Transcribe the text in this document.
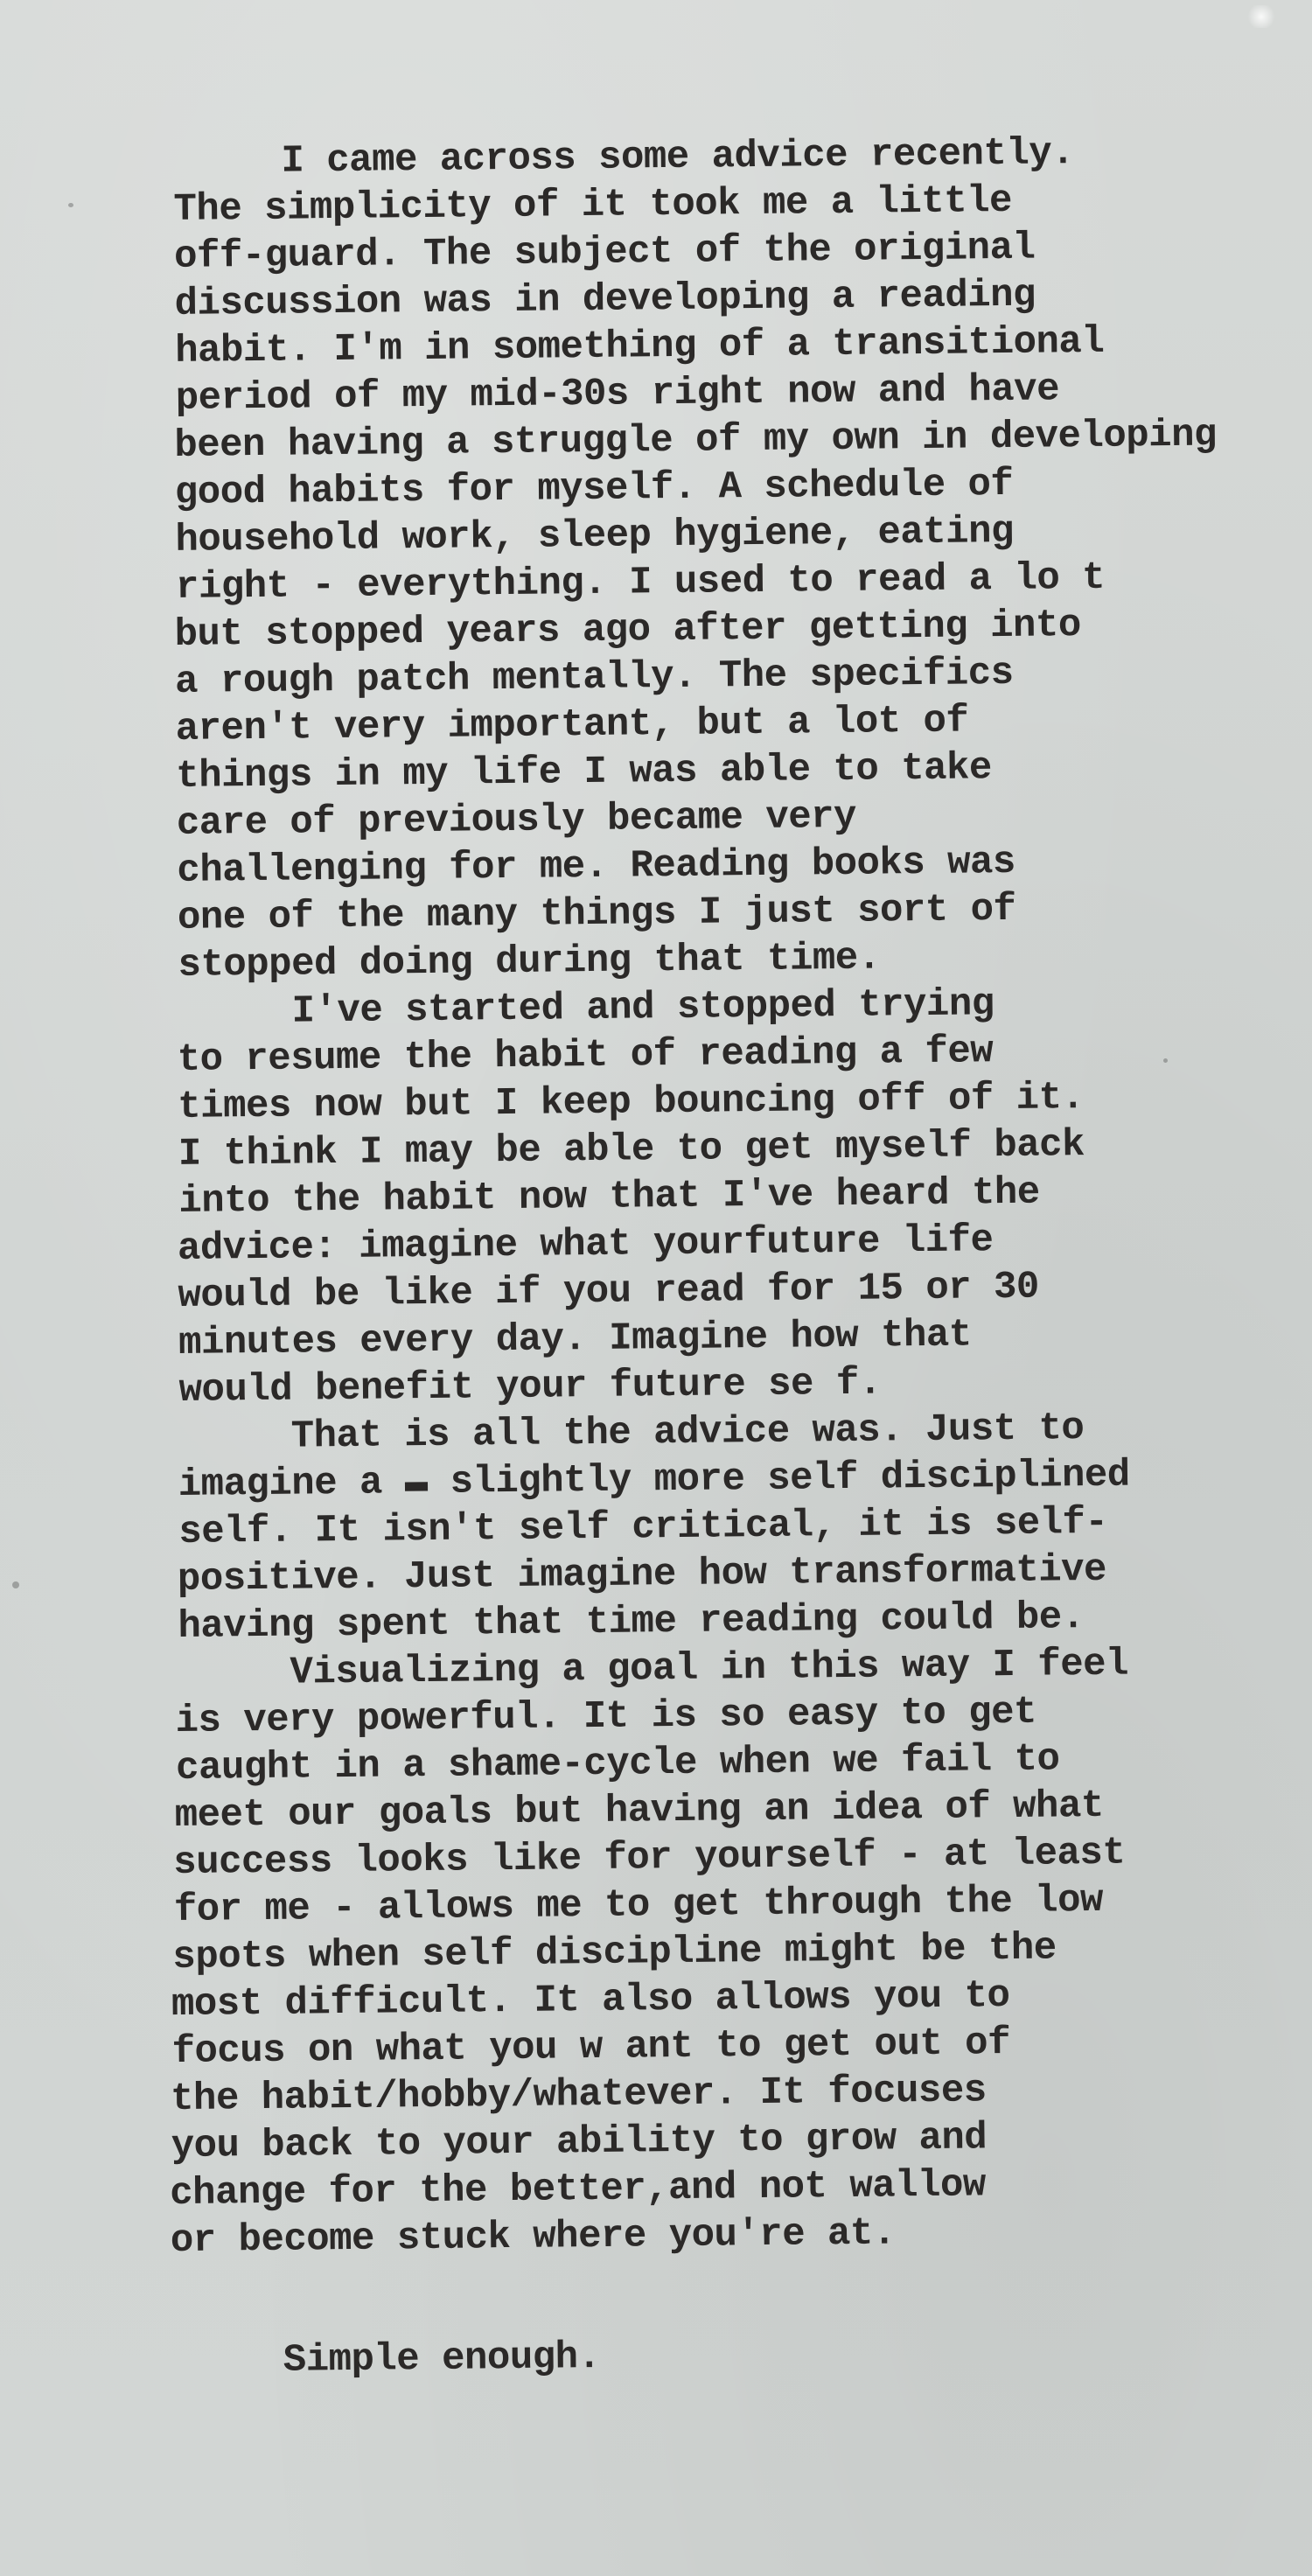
I came across some advice recently.
The simplicity of it took me a little
off-guard. The subject of the original
discussion was in developing a reading
habit. I'm in something of a transitional
period of my mid-30s right now and have
been having a struggle of my own in developing
good habits for myself. A schedule of
household work, sleep hygiene, eating
right - everything. I used to read a lo t
but stopped years ago after getting into
a rough patch mentally. The specifics
aren't very important, but a lot of
things in my life I was able to take
care of previously became very
challenging for me. Reading books was
one of the many things I just sort of
stopped doing during that time.
I've started and stopped trying
to resume the habit of reading a few
times now but I keep bouncing off of it.
I think I may be able to get myself back
into the habit now that I've heard the
advice: imagine what yourfuture life
would be like if you read for 15 or 30
minutes every day. Imagine how that
would benefit your future se f.
That is all the advice was. Just to
imagine a ▬ slightly more self disciplined
self. It isn't self critical, it is self-
positive. Just imagine how transformative
having spent that time reading could be.
Visualizing a goal in this way I feel
is very powerful. It is so easy to get
caught in a shame-cycle when we fail to
meet our goals but having an idea of what
success looks like for yourself - at least
for me - allows me to get through the low
spots when self discipline might be the
most difficult. It also allows you to
focus on what you w ant to get out of
the habit/hobby/whatever. It focuses
you back to your ability to grow and
change for the better,and not wallow
or become stuck where you're at.
Simple enough.
